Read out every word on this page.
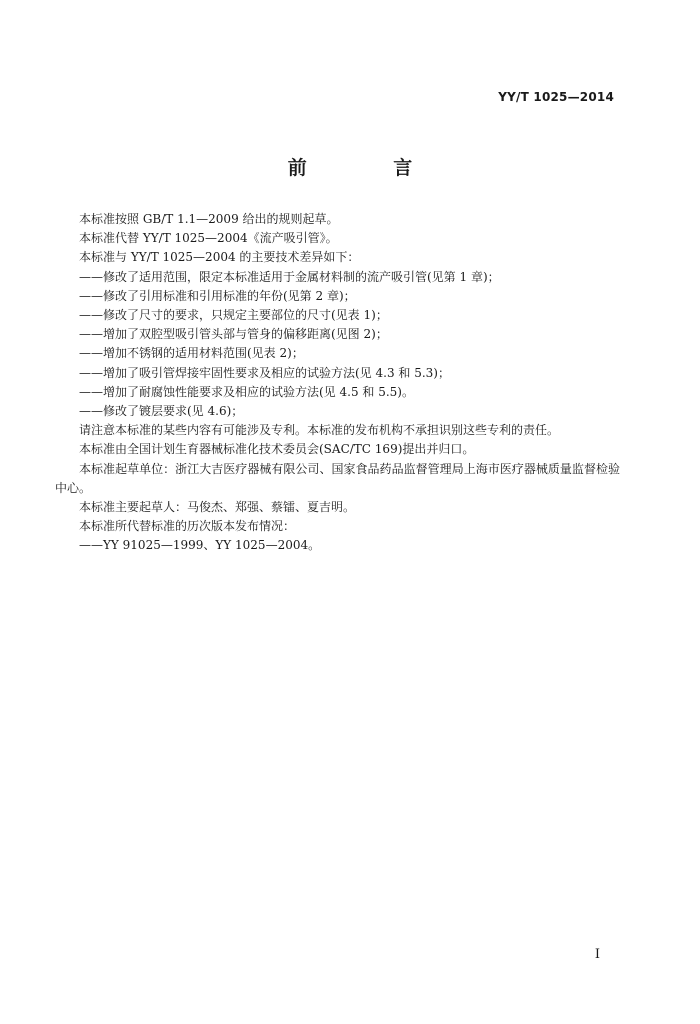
YY/T 1025—2014
前 言

本标准按照 GB/T 1.1—2009 给出的规则起草。

本标准代替 YY/T 1025—2004《流产吸引管》。

本标准与 YY/T 1025—2004 的主要技术差异如下：

——修改了适用范围，限定本标准适用于金属材料制的流产吸引管(见第 1 章)；

——修改了引用标准和引用标准的年份(见第 2 章)；

——修改了尺寸的要求，只规定主要部位的尺寸(见表 1)；

——增加了双腔型吸引管头部与管身的偏移距离(见图 2)；

——增加不锈钢的适用材料范围(见表 2)；

——增加了吸引管焊接牢固性要求及相应的试验方法(见 4.3 和 5.3)；

——增加了耐腐蚀性能要求及相应的试验方法(见 4.5 和 5.5)。

——修改了镀层要求(见 4.6)；

请注意本标准的某些内容有可能涉及专利。本标准的发布机构不承担识别这些专利的责任。

本标准由全国计划生育器械标准化技术委员会(SAC/TC 169)提出并归口。

本标准起草单位：浙江大吉医疗器械有限公司、国家食品药品监督管理局上海市医疗器械质量监督检验中心。

本标准主要起草人：马俊杰、郑强、蔡镭、夏吉明。

本标准所代替标准的历次版本发布情况：

——YY 91025—1999、YY 1025—2004。

I
